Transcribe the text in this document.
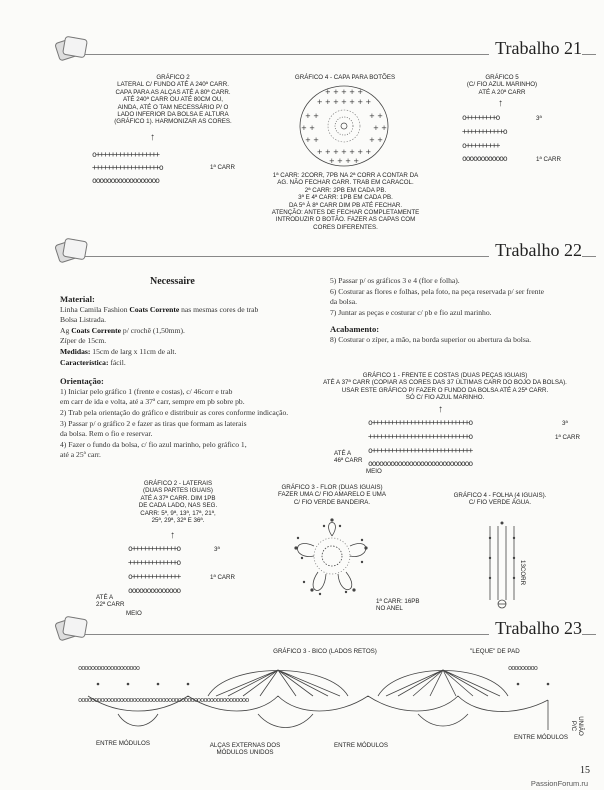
Trabalho 21
GRÁFICO 2
LATERAL C/ FUNDO ATÉ A 240ª CARR.
CAPA PARA AS ALÇAS ATÉ A 80ª CARR.
ATÉ 240ª CARR OU ATÉ 80CM OU,
AINDA, ATÉ O TAM NECESSÁRIO P/ O
LADO INFERIOR DA BOLSA E ALTURA
(GRÁFICO 1). HARMONIZAR AS CORES.
↑
o+++++++++++++++++
++++++++++++++++++o	1ª CARR
oooooooooooooooooo
GRÁFICO 4 - CAPA PARA BOTÕES
+ + + + +
+ + + + + + +
+ +	+ +
+ +	+ +
+ +	+ +
+ + + + + + +
+ + + +
1ª CARR: 2CORR, 7PB NA 2ª CORR A CONTAR DA
AG. NÃO FECHAR CARR. TRAB EM CARACOL.
2ª CARR: 2PB EM CADA PB.
3ª E 4ª CARR: 1PB EM CADA PB.
DA 5ª À 8ª CARR DIM PB ATÉ FECHAR.
ATENÇÃO: ANTES DE FECHAR COMPLETAMENTE
INTRODUZIR O BOTÃO. FAZER AS CAPAS COM
CORES DIFERENTES.
GRÁFICO 5
(C/ FIO AZUL MARINHO)
ATÉ A 20ª CARR
↑
o++++++++o	3ª
+++++++++++o
o+++++++++
oooooooooooo	1ª CARR
Trabalho 22
Necessaire
Material:
Linha Camila Fashion Coats Corrente nas mesmas cores de trab
Bolsa Listrada.
Ag Coats Corrente p/ crochê (1,50mm).
Zíper de 15cm.
Medidas: 15cm de larg x 11cm de alt.
Característica: fácil.
Orientação:
1) Iniciar pelo gráfico 1 (frente e costas), c/ 46corr e trab
em carr de ida e volta, até a 37ª carr, sempre em pb sobre pb.
2) Trab pela orientação do gráfico e distribuir as cores conforme indicação.
3) Passar p/ o gráfico 2 e fazer as tiras que formam as laterais
da bolsa. Rem o fio e reservar.
4) Fazer o fundo da bolsa, c/ fio azul marinho, pelo gráfico 1,
até a 25ª carr.
5) Passar p/ os gráficos 3 e 4 (flor e folha).
6) Costurar as flores e folhas, pela foto, na peça reservada p/ ser frente
da bolsa.
7) Juntar as peças e costurar c/ pb e fio azul marinho.
Acabamento:
8) Costurar o zíper, a mão, na borda superior ou abertura da bolsa.
GRÁFICO 1 - FRENTE E COSTAS (DUAS PEÇAS IGUAIS)
ATÉ A 37ª CARR (COPIAR AS CORES DAS 37 ÚLTIMAS CARR DO BOJO DA BOLSA).
USAR ESTE GRÁFICO P/ FAZER O FUNDO DA BOLSA ATÉ A 25ª CARR.
SÓ C/ FIO AZUL MARINHO.
↑
o++++++++++++++++++++++++++o	3ª
+++++++++++++++++++++++++++o	1ª CARR
o+++++++++++++++++++++++++++
oooooooooooooooooooooooooooo
ATÉ A
46ª CARR
MEIO
GRÁFICO 2 - LATERAIS
(DUAS PARTES IGUAIS)
ATÉ A 37ª CARR. DIM 1PB
DE CADA LADO, NAS SEG.
CARR: 5ª, 9ª, 13ª, 17ª, 21ª,
25ª, 29ª, 32ª E 36ª.
↑
o++++++++++++o	3ª
+++++++++++++o
o+++++++++++++	1ª CARR
oooooooooooooo
ATÉ A
22ª CARR
MEIO
GRÁFICO 3 - FLOR (DUAS IGUAIS)
FAZER UMA C/ FIO AMARELO E UMA
C/ FIO VERDE BANDEIRA.
1ª CARR: 16PB
NO ANEL
GRÁFICO 4 - FOLHA (4 IGUAIS).
C/ FIO VERDE ÁGUA.
13CORR
Trabalho 23
GRÁFICO 3 - BICO (LADOS RETOS)	"LEQUE" DE PAD
ooooooooooooooooooo
ooooooooooooooooooooooooooooooooooooooooooooooooooooo
ooooooooo
ENTRE MÓDULOS	ALÇAS EXTERNAS DOS
MÓDULOS UNIDOS
ENTRE MÓDULOS
ENTRE MÓDULOS
UNIÃO P/C
PassionForum.ru
15
